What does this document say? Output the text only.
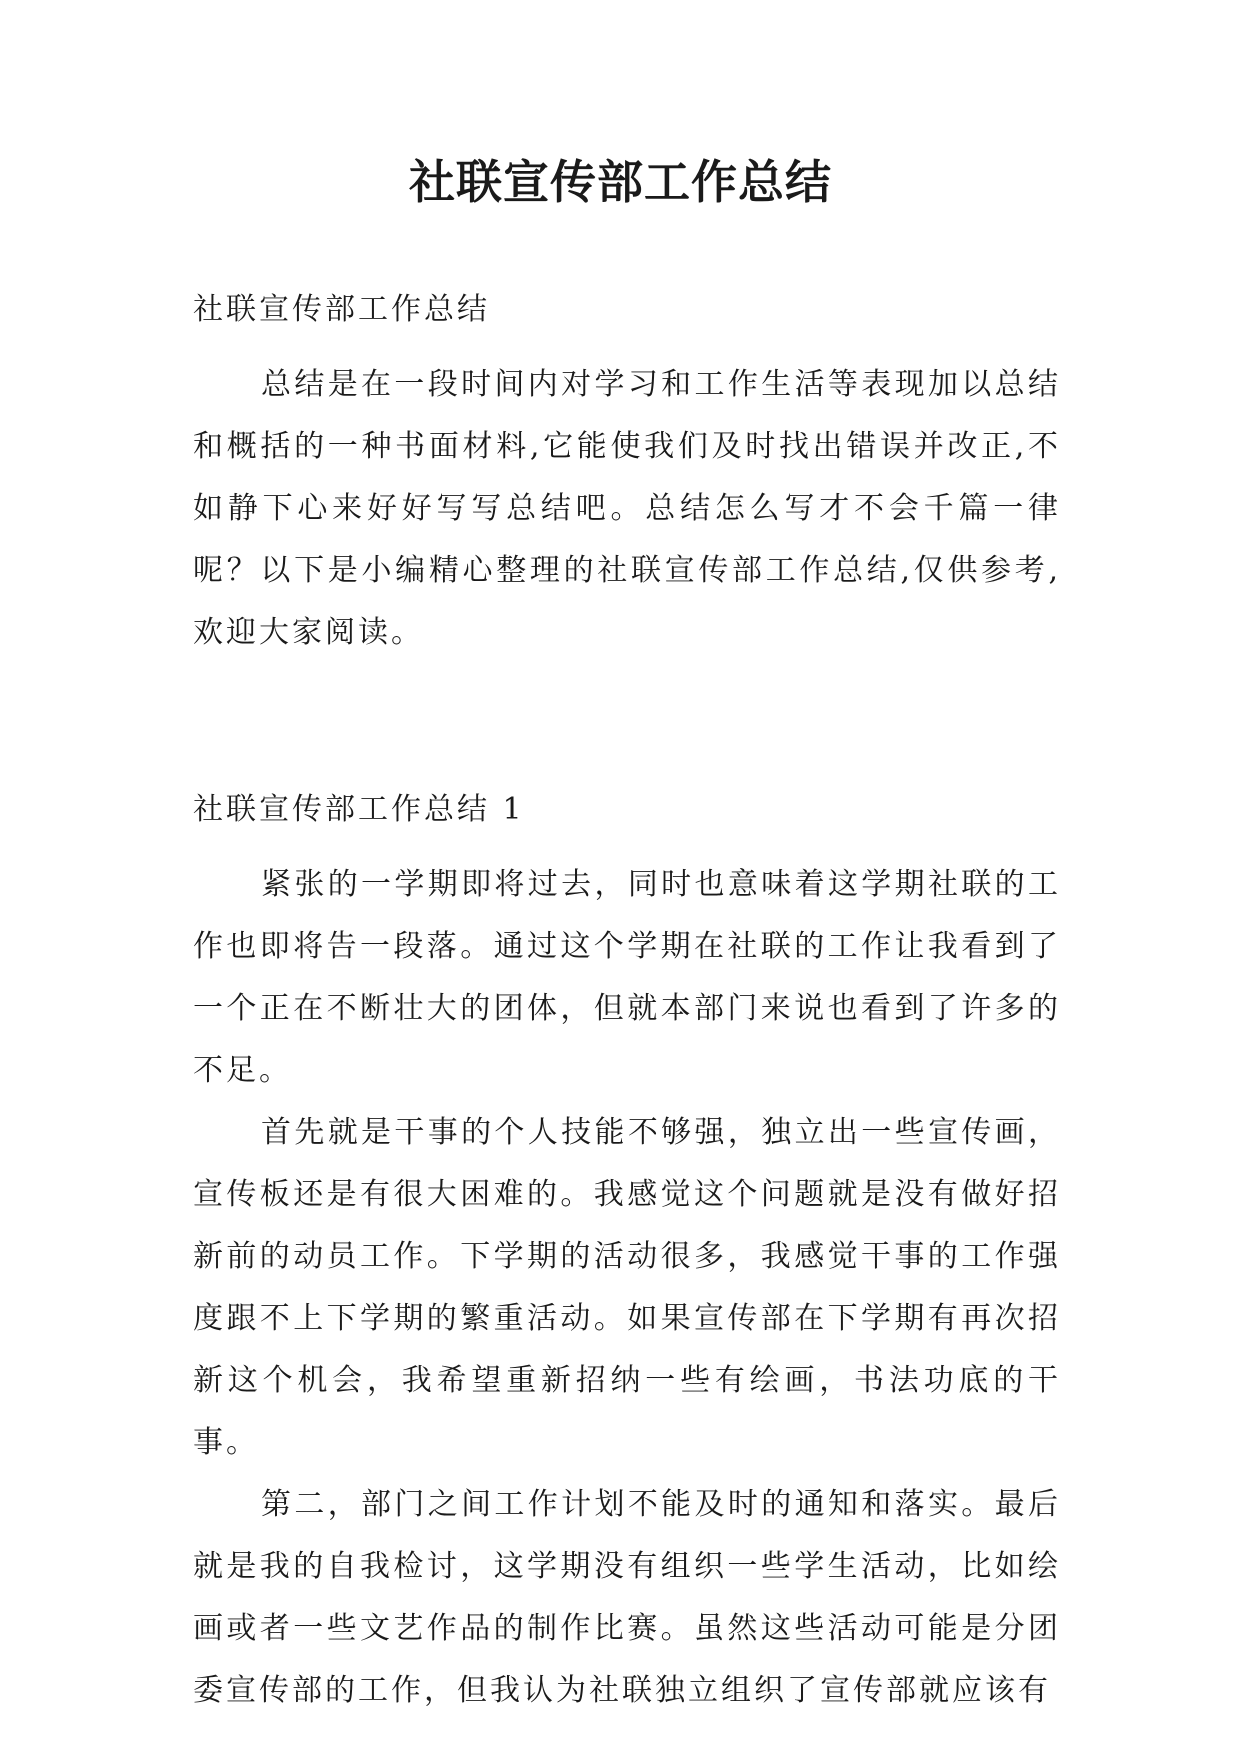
社联宣传部工作总结

社联宣传部工作总结

总结是在一段时间内对学习和工作生活等表现加以总结和概括的一种书面材料,它能使我们及时找出错误并改正,不如静下心来好好写写总结吧。总结怎么写才不会千篇一律呢？以下是小编精心整理的社联宣传部工作总结,仅供参考,欢迎大家阅读。

社联宣传部工作总结 1

紧张的一学期即将过去，同时也意味着这学期社联的工作也即将告一段落。通过这个学期在社联的工作让我看到了一个正在不断壮大的团体，但就本部门来说也看到了许多的不足。

首先就是干事的个人技能不够强，独立出一些宣传画，宣传板还是有很大困难的。我感觉这个问题就是没有做好招新前的动员工作。下学期的活动很多，我感觉干事的工作强度跟不上下学期的繁重活动。如果宣传部在下学期有再次招新这个机会，我希望重新招纳一些有绘画，书法功底的干事。

第二，部门之间工作计划不能及时的通知和落实。最后就是我的自我检讨，这学期没有组织一些学生活动，比如绘画或者一些文艺作品的制作比赛。虽然这些活动可能是分团委宣传部的工作，但我认为社联独立组织了宣传部就应该有
